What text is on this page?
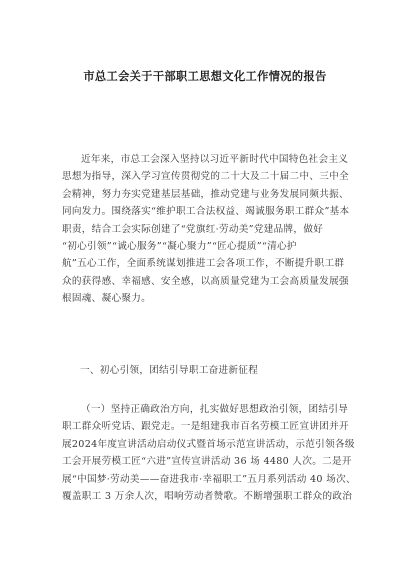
市总工会关于干部职工思想文化工作情况的报告
近年来，市总工会深入坚持以习近平新时代中国特色社会主义
思想为指导，深入学习宣传贯彻党的二十大及二十届二中、三中全
会精神，努力夯实党建基层基础，推动党建与业务发展同频共振、
同向发力。围绕落实“维护职工合法权益、竭诚服务职工群众”基本
职责，结合工会实际创建了“党旗红·劳动美”党建品牌，做好
“初心引领”“诚心服务”“凝心聚力”“匠心提质”“清心护
航”五心工作，全面系统谋划推进工会各项工作，不断提升职工群
众的获得感、幸福感、安全感，以高质量党建为工会高质量发展强
根固魂、凝心聚力。
一、初心引领，团结引导职工奋进新征程
（一）坚持正确政治方向，扎实做好思想政治引领，团结引导
职工群众听党话、跟党走。一是组建我市百名劳模工匠宣讲团并开
展2024年度宣讲活动启动仪式暨首场示范宣讲活动，示范引领各级
工会开展劳模工匠“六进”宣传宣讲活动 36 场 4480 人次。二是开
展“中国梦·劳动美——奋进我市·幸福职工”五月系列活动 40 场次、
覆盖职工 3 万余人次，唱响劳动者赞歌。不断增强职工群众的政治
